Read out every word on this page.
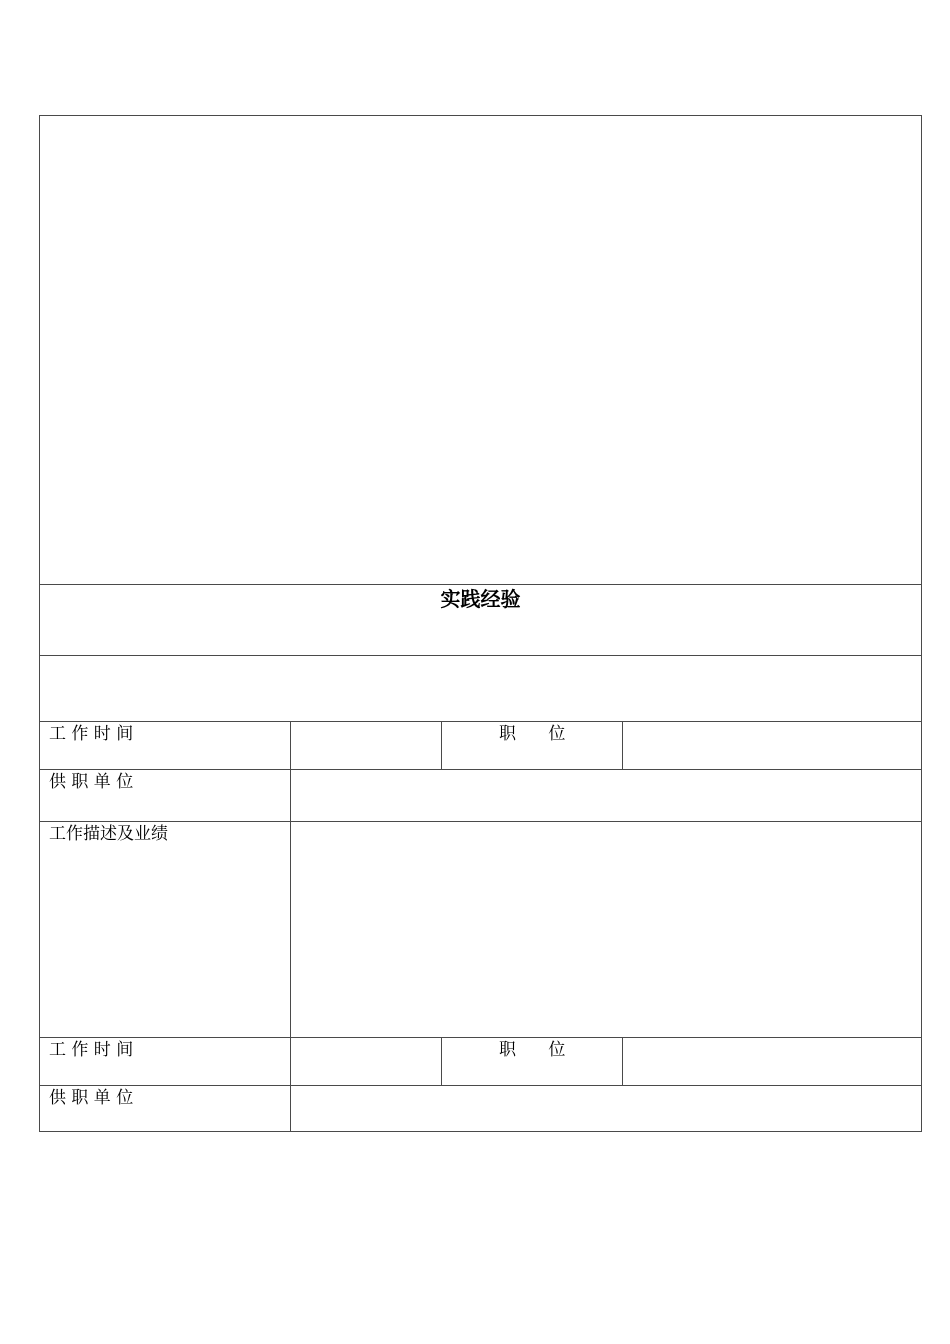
实践经验
工 作 时 间	职      位
供 职 单 位
工作描述及业绩
工 作 时 间	职      位
供 职 单 位
